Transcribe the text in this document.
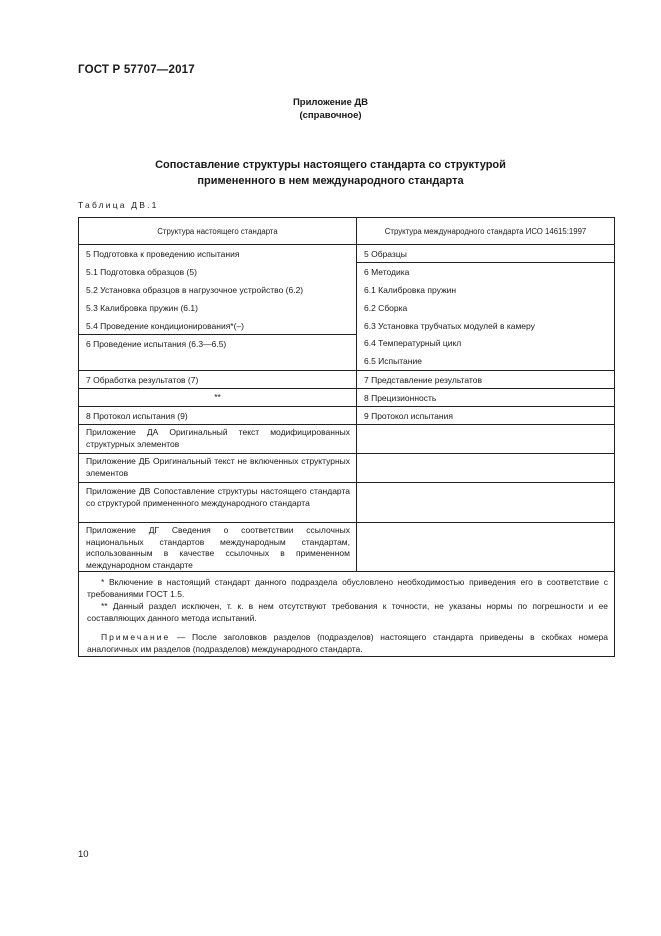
ГОСТ Р 57707—2017
Приложение ДВ
(справочное)
Сопоставление структуры настоящего стандарта со структурой
примененного в нем международного стандарта
Таблица ДВ.1
Структура настоящего стандарта	Структура международного стандарта ИСО 14615:1997
5 Подготовка к проведению испытания
5.1 Подготовка образцов (5)
5.2 Установка образцов в нагрузочное устройство (6.2)
5.3 Калибровка пружин (6.1)
5.4 Проведение кондиционирования*(–)
6 Проведение испытания (6.3—6.5)
7 Обработка результатов (7)
**
8 Протокол испытания (9)
Приложение ДА Оригинальный текст модифицированных структурных элементов
Приложение ДБ Оригинальный текст не включенных структурных элементов
Приложение ДВ Сопоставление структуры настоящего стандарта со структурой примененного международного стандарта
Приложение ДГ Сведения о соответствии ссылочных национальных стандартов международным стандартам, использованным в качестве ссылочных в примененном международном стандарте
5 Образцы
6 Методика
6.1 Калибровка пружин
6.2 Сборка
6.3 Установка трубчатых модулей в камеру
6.4 Температурный цикл
6.5 Испытание
7 Представление результатов
8 Прецизионность
9 Протокол испытания
* Включение в настоящий стандарт данного подраздела обусловлено необходимостью приведения его в соответствие с требованиями ГОСТ 1.5.
** Данный раздел исключен, т. к. в нем отсутствуют требования к точности, не указаны нормы по погрешности и ее составляющих данного метода испытаний.
Примечание — После заголовков разделов (подразделов) настоящего стандарта приведены в скобках номера аналогичных им разделов (подразделов) международного стандарта.
10
